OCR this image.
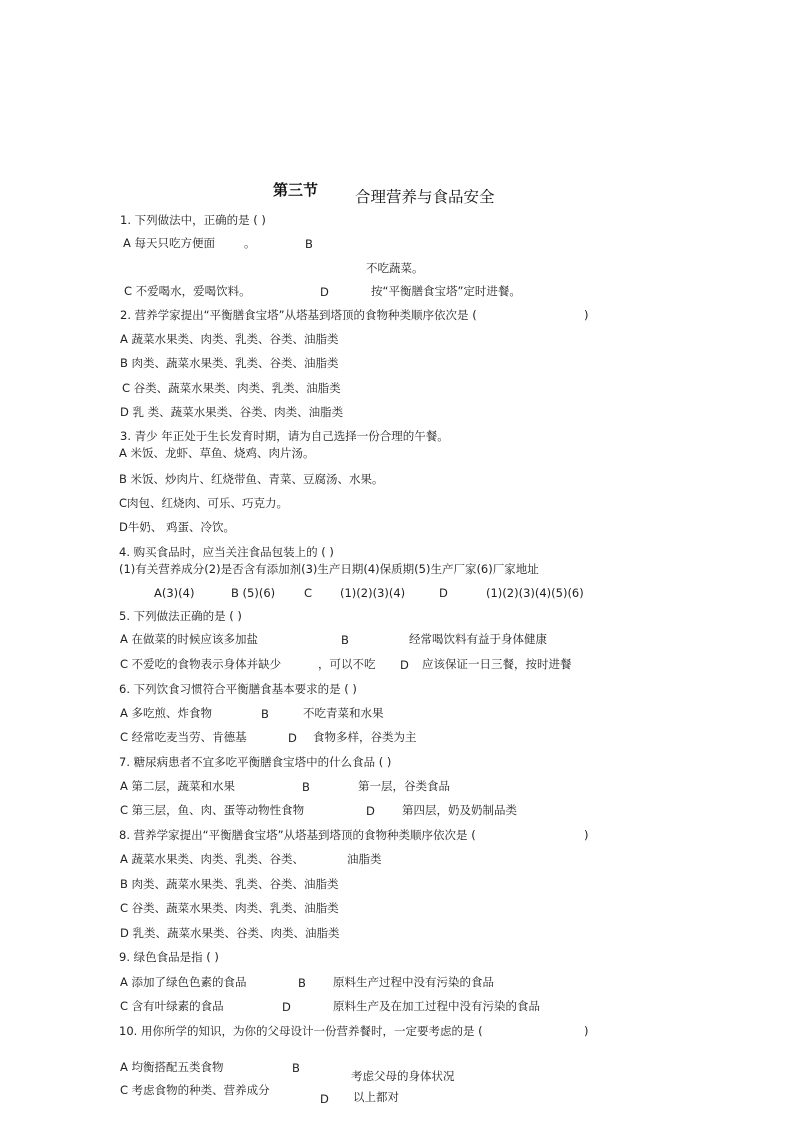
第三节 合理营养与食品安全
1. 下列做法中，正确的是 ( )
A 每天只吃方便面	。	B
不吃蔬菜。
C 不爱喝水，爱喝饮料。	D	按“平衡膳食宝塔”定时进餐。
2. 营养学家提出“平衡膳食宝塔”从塔基到塔顶的食物种类顺序依次是 (	)
A 蔬菜水果类、肉类、乳类、谷类、油脂类
B 肉类、蔬菜水果类、乳类、谷类、油脂类
C 谷类、蔬菜水果类、肉类、乳类、油脂类
D 乳 类、蔬菜水果类、谷类、肉类、油脂类
3. 青少 年正处于生长发育时期，请为自己选择一份合理的午餐。
A 米饭、龙虾、草鱼、烧鸡、肉片汤。
B 米饭、炒肉片、红烧带鱼、青菜、豆腐汤、水果。
C肉包、红烧肉、可乐、巧克力。
D牛奶、 鸡蛋、冷饮。
4. 购买食品时，应当关注食品包装上的 ( )
(1)有关营养成分(2)是否含有添加剂(3)生产日期(4)保质期(5)生产厂家(6)厂家地址
A(3)(4)	B (5)(6)	C (1)(2)(3)(4)	D	(1)(2)(3)(4)(5)(6)
5. 下列做法正确的是 ( )
A 在做菜的时候应该多加盐	B	经常喝饮料有益于身体健康
C 不爱吃的食物表示身体并缺少	，可以不吃 D 应该保证一日三餐，按时进餐
6. 下列饮食习惯符合平衡膳食基本要求的是 ( )
A 多吃煎、炸食物	B	不吃青菜和水果
C 经常吃麦当劳、肯德基	D 食物多样，谷类为主
7. 糖尿病患者不宜多吃平衡膳食宝塔中的什么食品 ( )
A 第二层，蔬菜和水果	B	第一层，谷类食品
C 第三层，鱼、肉、蛋等动物性食物	D 第四层，奶及奶制品类
8. 营养学家提出“平衡膳食宝塔”从塔基到塔顶的食物种类顺序依次是 (	)
A 蔬菜水果类、肉类、乳类、谷类、	油脂类
B 肉类、蔬菜水果类、乳类、谷类、油脂类
C 谷类、蔬菜水果类、肉类、乳类、油脂类
D 乳类、蔬菜水果类、谷类、肉类、油脂类
9. 绿色食品是指 ( )
A 添加了绿色色素的食品	B 原料生产过程中没有污染的食品
C 含有叶绿素的食品	D	原料生产及在加工过程中没有污染的食品
10. 用你所学的知识，为你的父母设计一份营养餐时，一定要考虑的是 (	)
A 均衡搭配五类食物	B
考虑父母的身体状况
C 考虑食物的种类、营养成分
D 以上都对
